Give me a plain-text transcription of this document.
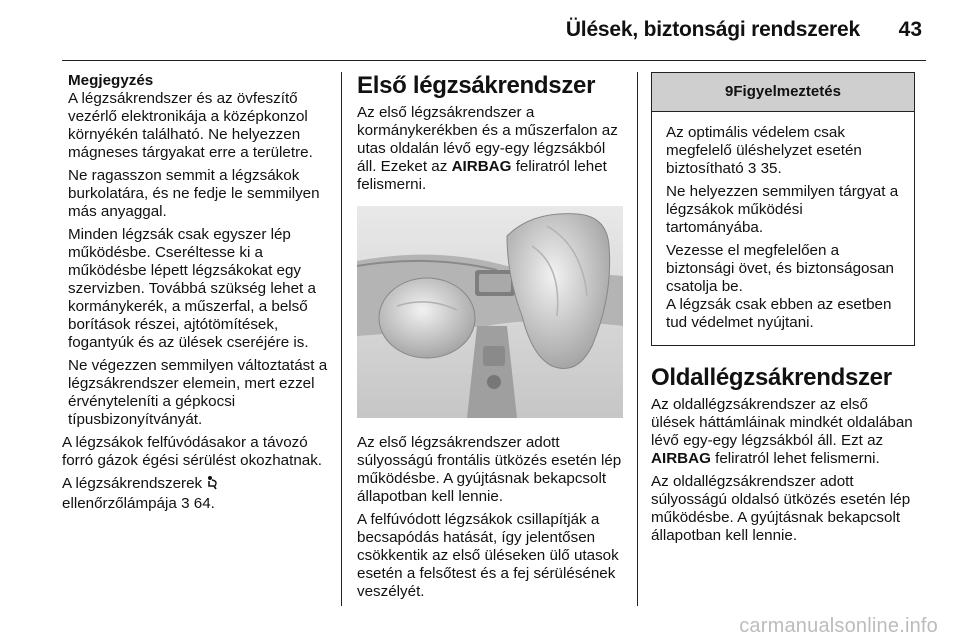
Ülések, biztonsági rendszerek 43
Megjegyzés

A légzsákrendszer és az övfeszítő vezérlő elektronikája a középkonzol környékén található. Ne helyezzen mágneses tárgyakat erre a területre.

Ne ragasszon semmit a légzsákok burkolatára, és ne fedje le semmilyen más anyaggal.

Minden légzsák csak egyszer lép működésbe. Cseréltesse ki a működésbe lépett légzsákokat egy szervizben. Továbbá szükség lehet a kormánykerék, a műszerfal, a belső borítások részei, ajtótömítések, fogantyúk és az ülések cseréjére is.

Ne végezzen semmilyen változtatást a légzsákrendszer elemein, mert ezzel érvényteleníti a gépkocsi típusbizonyítványát.

A légzsákok felfúvódásakor a távozó forró gázok égési sérülést okozhatnak.

A légzsákrendszerek
ellenőrzőlámpája 3 64.

Első légzsákrendszer

Az első légzsákrendszer a kormánykerékben és a műszerfalon az utas oldalán lévő egy-egy légzsákból áll. Ezeket az AIRBAG feliratról lehet felismerni.

Az első légzsákrendszer adott súlyosságú frontális ütközés esetén lép működésbe. A gyújtásnak bekapcsolt állapotban kell lennie.

A felfúvódott légzsákok csillapítják a becsapódás hatását, így jelentősen csökkentik az első üléseken ülő utasok esetén a felsőtest és a fej sérülésének veszélyét.

9 Figyelmeztetés

Az optimális védelem csak megfelelő üléshelyzet esetén biztosítható 3 35.

Ne helyezzen semmilyen tárgyat a légzsákok működési tartományába.

Vezesse el megfelelően a biztonsági övet, és biztonságosan csatolja be.

A légzsák csak ebben az esetben tud védelmet nyújtani.

Oldallégzsákrendszer

Az oldallégzsákrendszer az első ülések háttámláinak mindkét oldalában lévő egy-egy légzsákból áll. Ezt az AIRBAG feliratról lehet felismerni.

Az oldallégzsákrendszer adott súlyosságú oldalsó ütközés esetén lép működésbe. A gyújtásnak bekapcsolt állapotban kell lennie.

carmanualsonline.info
